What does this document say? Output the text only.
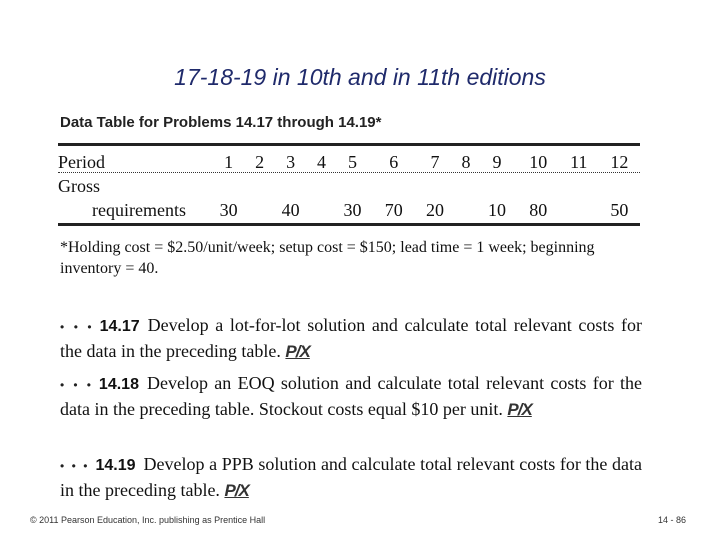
17-18-19 in 10th and in 11th editions
Data Table for Problems 14.17 through 14.19*
Period	1	2	3	4	5	6	7	8	9	10	11	12
Gross												
requirements	30		40		30	70	20		10	80		50
*Holding cost = $2.50/unit/week; setup cost = $150; lead time = 1 week; beginning inventory = 40.
• • • 14.17 Develop a lot-for-lot solution and calculate total relevant costs for the data in the preceding table. P/X
• • • 14.18 Develop an EOQ solution and calculate total relevant costs for the data in the preceding table. Stockout costs equal $10 per unit. P/X
• • • 14.19 Develop a PPB solution and calculate total relevant costs for the data in the preceding table. P/X
© 2011 Pearson Education, Inc. publishing as Prentice Hall	14 - 86
